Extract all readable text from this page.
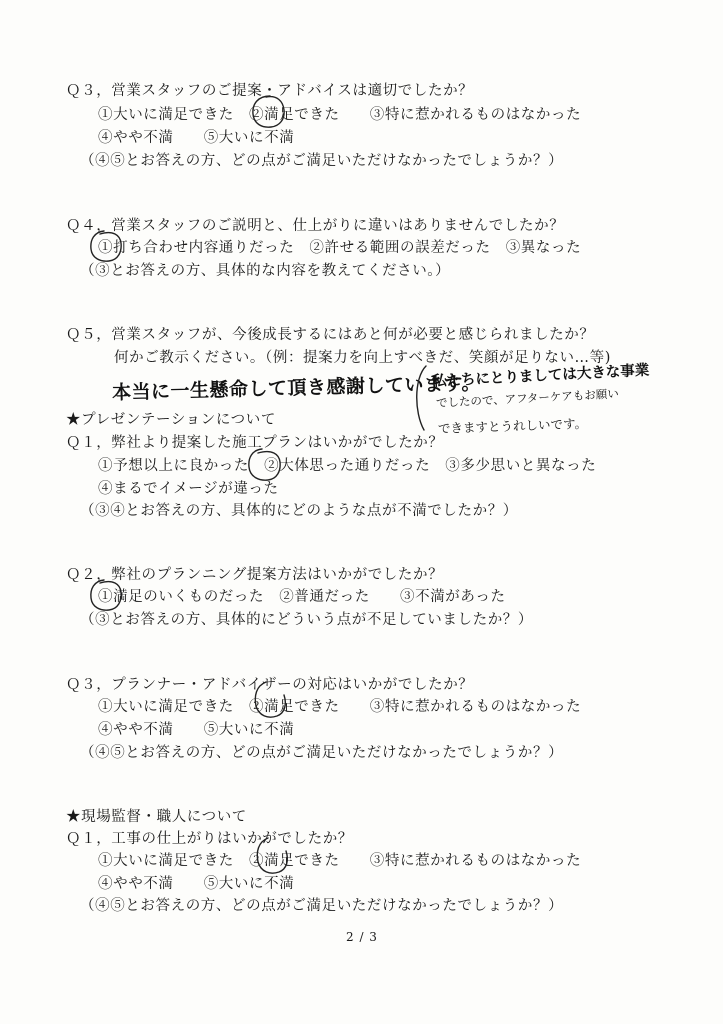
Ｑ３，営業スタッフのご提案・アドバイスは適切でしたか？
①大いに満足できた　②満足できた　　③特に惹かれるものはなかった
④やや不満　　⑤大いに不満
（④⑤とお答えの方、どの点がご満足いただけなかったでしょうか？）
Ｑ４，営業スタッフのご説明と、仕上がりに違いはありませんでしたか？
①打ち合わせ内容通りだった　②許せる範囲の誤差だった　③異なった
（③とお答えの方、具体的な内容を教えてください。）
Ｑ５，営業スタッフが、今後成長するにはあと何が必要と感じられましたか？
何かご教示ください。（例：提案力を向上すべきだ、笑顔が足りない…等)
本当に一生懸命して頂き感謝しています。
私たちにとりましては大きな事業
でしたので、アフターケアもお願い
できますとうれしいです。
★プレゼンテーションについて
Ｑ１，弊社より提案した施工プランはいかがでしたか？
①予想以上に良かった　②大体思った通りだった　③多少思いと異なった
④まるでイメージが違った
（③④とお答えの方、具体的にどのような点が不満でしたか？）
Ｑ２，弊社のプランニング提案方法はいかがでしたか？
①満足のいくものだった　②普通だった　　③不満があった
（③とお答えの方、具体的にどういう点が不足していましたか？）
Ｑ３，プランナー・アドバイザーの対応はいかがでしたか？
①大いに満足できた　②満足できた　　③特に惹かれるものはなかった
④やや不満　　⑤大いに不満
（④⑤とお答えの方、どの点がご満足いただけなかったでしょうか？）
★現場監督・職人について
Ｑ１，工事の仕上がりはいかがでしたか？
①大いに満足できた　②満足できた　　③特に惹かれるものはなかった
④やや不満　　⑤大いに不満
（④⑤とお答えの方、どの点がご満足いただけなかったでしょうか？）
2 / 3
